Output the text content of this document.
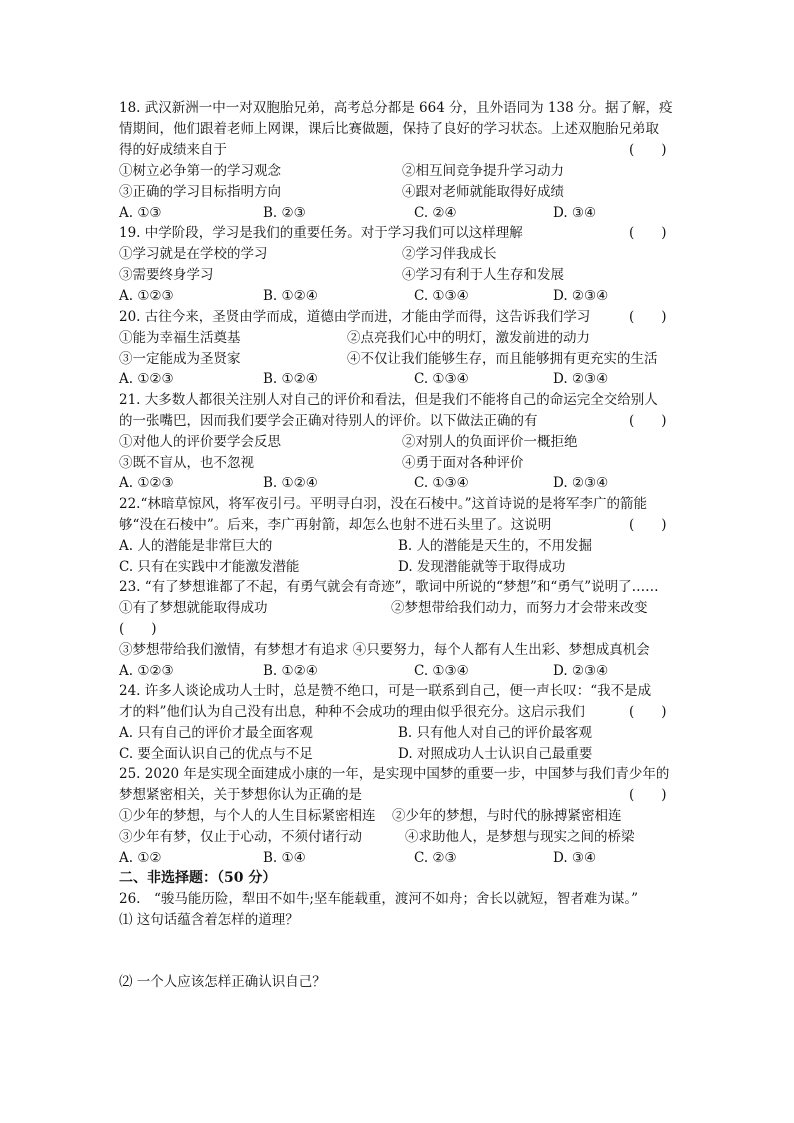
18. 武汉新洲一中一对双胞胎兄弟，高考总分都是 664 分，且外语同为 138 分。据了解，疫
情期间，他们跟着老师上网课，课后比赛做题，保持了良好的学习状态。上述双胞胎兄弟取
得的好成绩来自于	(　　)
①树立必争第一的学习观念	②相互间竞争提升学习动力
③正确的学习目标指明方向	④跟对老师就能取得好成绩
A. ①③	B. ②③	C. ②④	D. ③④
19. 中学阶段，学习是我们的重要任务。对于学习我们可以这样理解	(　　)
①学习就是在学校的学习	②学习伴我成长
③需要终身学习	④学习有利于人生存和发展
A. ①②③	B. ①②④	C. ①③④	D. ②③④
20. 古往今来，圣贤由学而成，道德由学而进，才能由学而得，这告诉我们学习	(　　)
①能为幸福生活奠基	②点亮我们心中的明灯，激发前进的动力
③一定能成为圣贤家	④不仅让我们能够生存，而且能够拥有更充实的生活
A. ①②③	B. ①②④	C. ①③④	D. ②③④
21. 大多数人都很关注别人对自己的评价和看法，但是我们不能将自己的命运完全交给别人
的一张嘴巴，因而我们要学会正确对待别人的评价。以下做法正确的有	(　　)
①对他人的评价要学会反思	②对别人的负面评价一概拒绝
③既不盲从，也不忽视	④勇于面对各种评价
A. ①②③	B. ①②④	C. ①③④	D. ②③④
22.“林暗草惊风，将军夜引弓。平明寻白羽，没在石棱中。”这首诗说的是将军李广的箭能
够“没在石棱中”。后来，李广再射箭，却怎么也射不进石头里了。这说明	(　　)
A. 人的潜能是非常巨大的	B. 人的潜能是天生的，不用发掘
C. 只有在实践中才能激发潜能	D. 发现潜能就等于取得成功
23. “有了梦想谁都了不起，有勇气就会有奇迹”，歌词中所说的“梦想”和“勇气”说明了……
①有了梦想就能取得成功	②梦想带给我们动力，而努力才会带来改变
(　　)
③梦想带给我们激情，有梦想才有追求 ④只要努力，每个人都有人生出彩、梦想成真机会
A. ①②③	B. ①②④	C. ①③④	D. ②③④
24. 许多人谈论成功人士时，总是赞不绝口，可是一联系到自己，便一声长叹：“我不是成
才的料”他们认为自己没有出息，种种不会成功的理由似乎很充分。这启示我们	(　　)
A. 只有自己的评价才最全面客观	B. 只有他人对自己的评价最客观
C. 要全面认识自己的优点与不足	D. 对照成功人士认识自己最重要
25. 2020 年是实现全面建成小康的一年，是实现中国梦的重要一步，中国梦与我们青少年的
梦想紧密相关，关于梦想你认为正确的是	(　　)
①少年的梦想，与个人的人生目标紧密相连 ②少年的梦想，与时代的脉搏紧密相连
③少年有梦，仅止于心动，不须付诸行动	④求助他人，是梦想与现实之间的桥梁
A. ①②	B. ①④	C. ②③	D. ③④
二、非选择题：（50 分）
26.　“骏马能历险，犁田不如牛;坚车能载重，渡河不如舟；舍长以就短，智者难为谋。”
⑴ 这句话蕴含着怎样的道理？
⑵ 一个人应该怎样正确认识自己？
